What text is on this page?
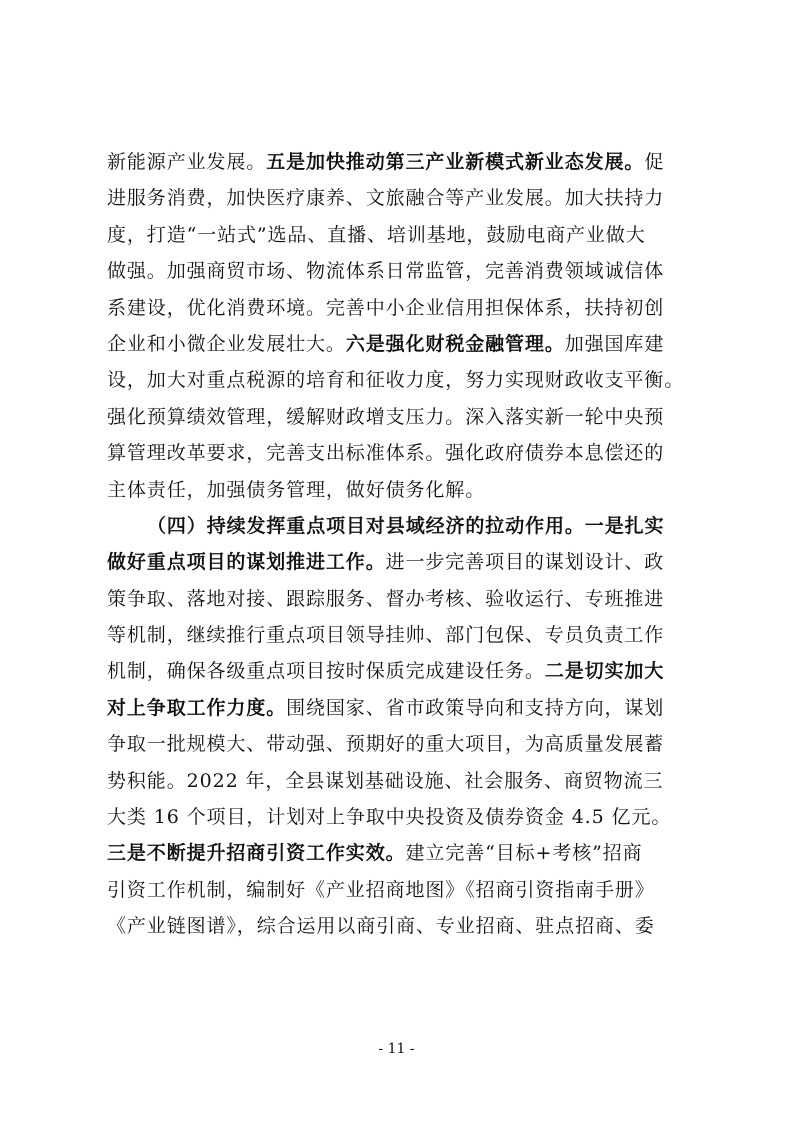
新能源产业发展。五是加快推动第三产业新模式新业态发展。促
进服务消费，加快医疗康养、文旅融合等产业发展。加大扶持力
度，打造“一站式”选品、直播、培训基地，鼓励电商产业做大
做强。加强商贸市场、物流体系日常监管，完善消费领域诚信体
系建设，优化消费环境。完善中小企业信用担保体系，扶持初创
企业和小微企业发展壮大。六是强化财税金融管理。加强国库建
设，加大对重点税源的培育和征收力度，努力实现财政收支平衡。
强化预算绩效管理，缓解财政增支压力。深入落实新一轮中央预
算管理改革要求，完善支出标准体系。强化政府债券本息偿还的
主体责任，加强债务管理，做好债务化解。
（四）持续发挥重点项目对县域经济的拉动作用。一是扎实
做好重点项目的谋划推进工作。进一步完善项目的谋划设计、政
策争取、落地对接、跟踪服务、督办考核、验收运行、专班推进
等机制，继续推行重点项目领导挂帅、部门包保、专员负责工作
机制，确保各级重点项目按时保质完成建设任务。二是切实加大
对上争取工作力度。围绕国家、省市政策导向和支持方向，谋划
争取一批规模大、带动强、预期好的重大项目，为高质量发展蓄
势积能。2022 年，全县谋划基础设施、社会服务、商贸物流三
大类 16 个项目，计划对上争取中央投资及债券资金 4.5 亿元。
三是不断提升招商引资工作实效。建立完善“目标+考核”招商
引资工作机制，编制好《产业招商地图》《招商引资指南手册》
《产业链图谱》，综合运用以商引商、专业招商、驻点招商、委
- 11 -
